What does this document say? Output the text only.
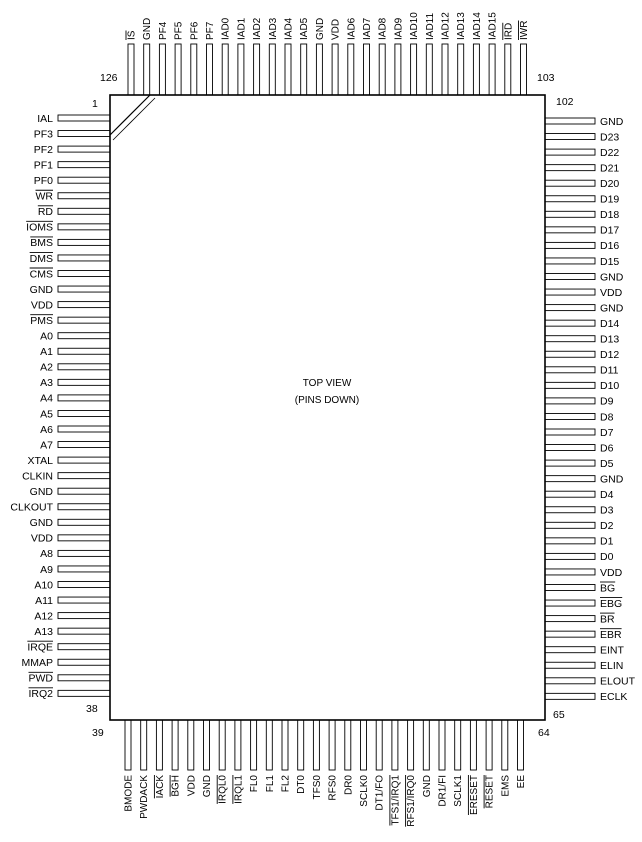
IAL
PF3
PF2
PF1
PF0
WR
RD
IOMS
BMS
DMS
CMS
GND
VDD
PMS
A0
A1
A2
A3
A4
A5
A6
A7
XTAL
CLKIN
GND
CLKOUT
GND
VDD
A8
A9
A10
A11
A12
A13
IRQE
MMAP
PWD
IRQ2
GND
D23
D22
D21
D20
D19
D18
D17
D16
D15
GND
VDD
GND
D14
D13
D12
D11
D10
D9
D8
D7
D6
D5
GND
D4
D3
D2
D1
D0
VDD
BG
EBG
BR
EBR
EINT
ELIN
ELOUT
ECLK
IS GND PF4 PF5 PF6 PF7 IAD0 IAD1 IAD2 IAD3 IAD4 IAD5 GND VDD IAD6 IAD7 IAD8 IAD9 IAD10 IAD11 IAD12 IAD13 IAD14 IAD15 IRD IWR
BMODE PWDACK IACK BGH VDD GND IRQL0 IRQL1 FL0 FL1 FL2 DT0 TFS0 RFS0 DR0 SCLK0 DT1/FO TFS1/IRQ1 RFS1/IRQ0 GND DR1/FI SCLK1 ERESET RESET EMS EE
TOP VIEW
(PINS DOWN)
1
38
39	64
65
102
103
126
